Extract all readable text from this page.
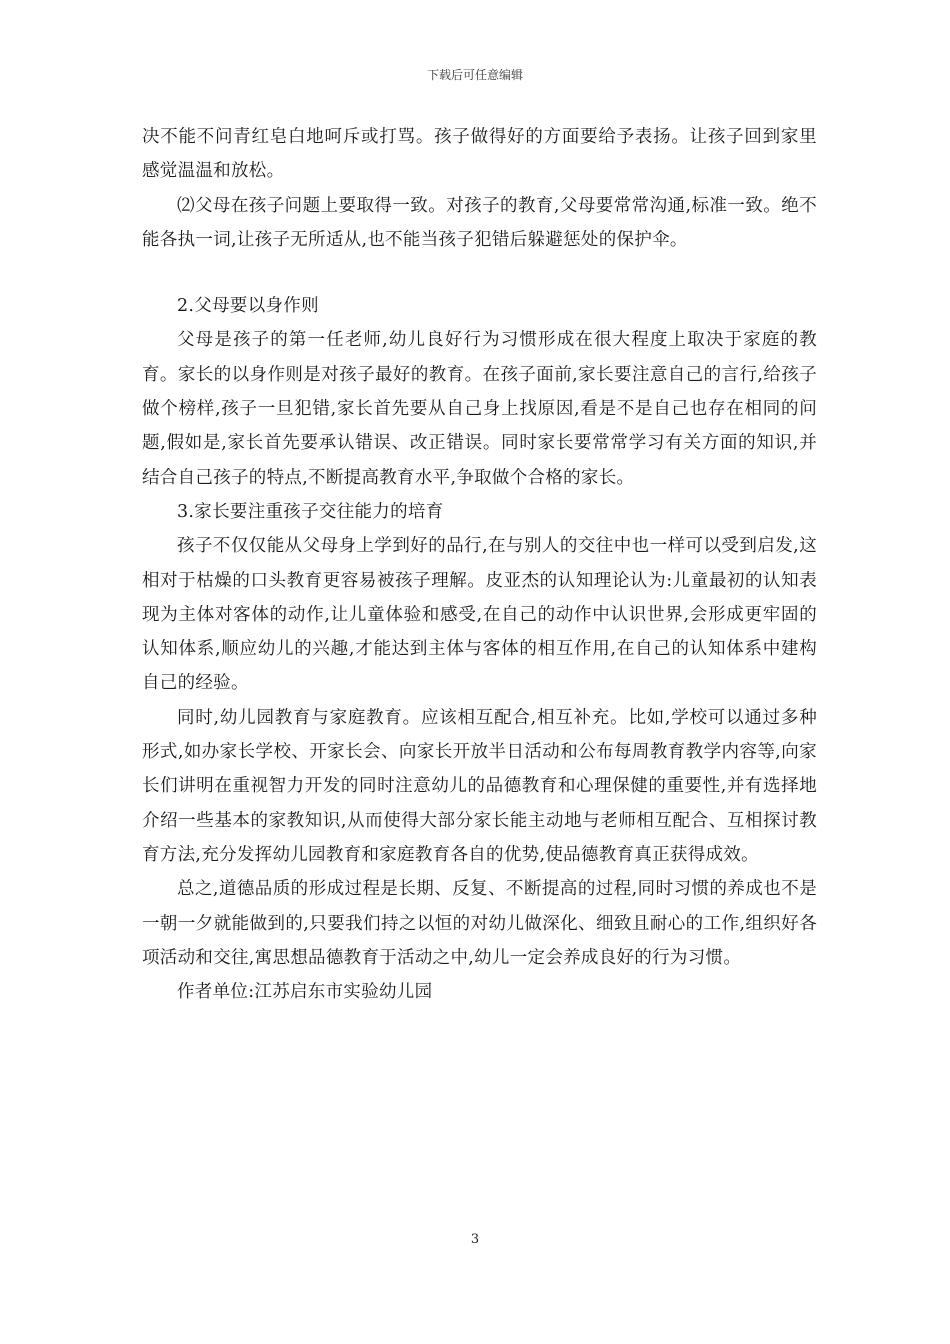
下载后可任意编辑

决不能不问青红皂白地呵斥或打骂。孩子做得好的方面要给予表扬。让孩子回到家里感觉温温和放松。

⑵父母在孩子问题上要取得一致。对孩子的教育,父母要常常沟通,标准一致。绝不能各执一词,让孩子无所适从,也不能当孩子犯错后躲避惩处的保护伞。

2.父母要以身作则

父母是孩子的第一任老师,幼儿良好行为习惯形成在很大程度上取决于家庭的教育。家长的以身作则是对孩子最好的教育。在孩子面前,家长要注意自己的言行,给孩子做个榜样,孩子一旦犯错,家长首先要从自己身上找原因,看是不是自己也存在相同的问题,假如是,家长首先要承认错误、改正错误。同时家长要常常学习有关方面的知识,并结合自己孩子的特点,不断提高教育水平,争取做个合格的家长。

3.家长要注重孩子交往能力的培育

孩子不仅仅能从父母身上学到好的品行,在与别人的交往中也一样可以受到启发,这相对于枯燥的口头教育更容易被孩子理解。皮亚杰的认知理论认为:儿童最初的认知表现为主体对客体的动作,让儿童体验和感受,在自己的动作中认识世界,会形成更牢固的认知体系,顺应幼儿的兴趣,才能达到主体与客体的相互作用,在自己的认知体系中建构自己的经验。

同时,幼儿园教育与家庭教育。应该相互配合,相互补充。比如,学校可以通过多种形式,如办家长学校、开家长会、向家长开放半日活动和公布每周教育教学内容等,向家长们讲明在重视智力开发的同时注意幼儿的品德教育和心理保健的重要性,并有选择地介绍一些基本的家教知识,从而使得大部分家长能主动地与老师相互配合、互相探讨教育方法,充分发挥幼儿园教育和家庭教育各自的优势,使品德教育真正获得成效。

总之,道德品质的形成过程是长期、反复、不断提高的过程,同时习惯的养成也不是一朝一夕就能做到的,只要我们持之以恒的对幼儿做深化、细致且耐心的工作,组织好各项活动和交往,寓思想品德教育于活动之中,幼儿一定会养成良好的行为习惯。

作者单位:江苏启东市实验幼儿园

3
